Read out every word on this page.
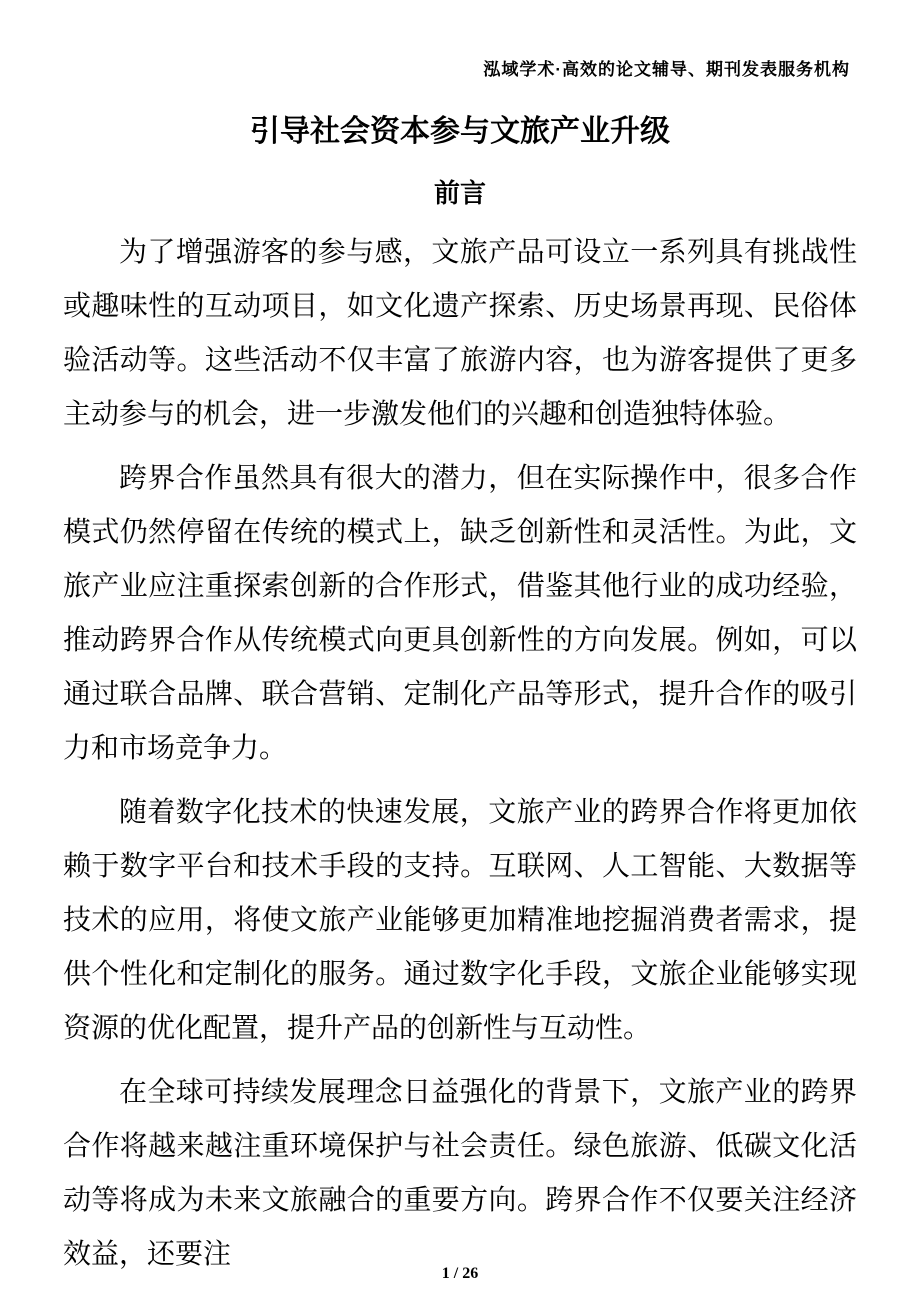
泓域学术·高效的论文辅导、期刊发表服务机构
引导社会资本参与文旅产业升级
前言

为了增强游客的参与感，文旅产品可设立一系列具有挑战性或趣味性的互动项目，如文化遗产探索、历史场景再现、民俗体验活动等。这些活动不仅丰富了旅游内容，也为游客提供了更多主动参与的机会，进一步激发他们的兴趣和创造独特体验。

跨界合作虽然具有很大的潜力，但在实际操作中，很多合作模式仍然停留在传统的模式上，缺乏创新性和灵活性。为此，文旅产业应注重探索创新的合作形式，借鉴其他行业的成功经验，推动跨界合作从传统模式向更具创新性的方向发展。例如，可以通过联合品牌、联合营销、定制化产品等形式，提升合作的吸引力和市场竞争力。

随着数字化技术的快速发展，文旅产业的跨界合作将更加依赖于数字平台和技术手段的支持。互联网、人工智能、大数据等技术的应用，将使文旅产业能够更加精准地挖掘消费者需求，提供个性化和定制化的服务。通过数字化手段，文旅企业能够实现资源的优化配置，提升产品的创新性与互动性。

在全球可持续发展理念日益强化的背景下，文旅产业的跨界合作将越来越注重环境保护与社会责任。绿色旅游、低碳文化活动等将成为未来文旅融合的重要方向。跨界合作不仅要关注经济效益，还要注

1 / 26
